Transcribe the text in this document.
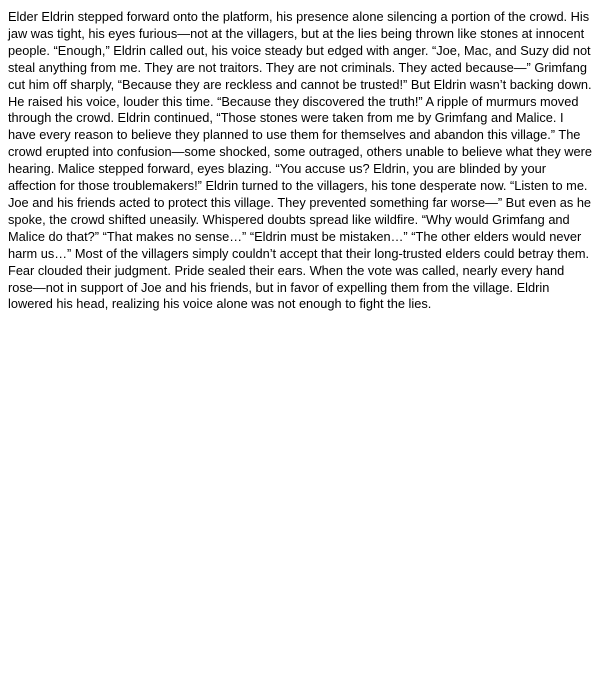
Elder Eldrin stepped forward onto the platform, his presence alone silencing a portion of the crowd. His
jaw was tight, his eyes furious—not at the villagers, but at the lies being thrown like stones at innocent
people. “Enough,” Eldrin called out, his voice steady but edged with anger. “Joe, Mac, and Suzy did not
steal anything from me. They are not traitors. They are not criminals. They acted because—” Grimfang
cut him off sharply, “Because they are reckless and cannot be trusted!” But Eldrin wasn’t backing down.
He raised his voice, louder this time. “Because they discovered the truth!” A ripple of murmurs moved
through the crowd. Eldrin continued, “Those stones were taken from me by Grimfang and Malice. I
have every reason to believe they planned to use them for themselves and abandon this village.” The
crowd erupted into confusion—some shocked, some outraged, others unable to believe what they were
hearing. Malice stepped forward, eyes blazing. “You accuse us? Eldrin, you are blinded by your
affection for those troublemakers!” Eldrin turned to the villagers, his tone desperate now. “Listen to me.
Joe and his friends acted to protect this village. They prevented something far worse—” But even as he
spoke, the crowd shifted uneasily. Whispered doubts spread like wildfire. “Why would Grimfang and
Malice do that?” “That makes no sense…” “Eldrin must be mistaken…” “The other elders would never
harm us…” Most of the villagers simply couldn’t accept that their long-trusted elders could betray them.
Fear clouded their judgment. Pride sealed their ears. When the vote was called, nearly every hand
rose—not in support of Joe and his friends, but in favor of expelling them from the village. Eldrin
lowered his head, realizing his voice alone was not enough to fight the lies.
